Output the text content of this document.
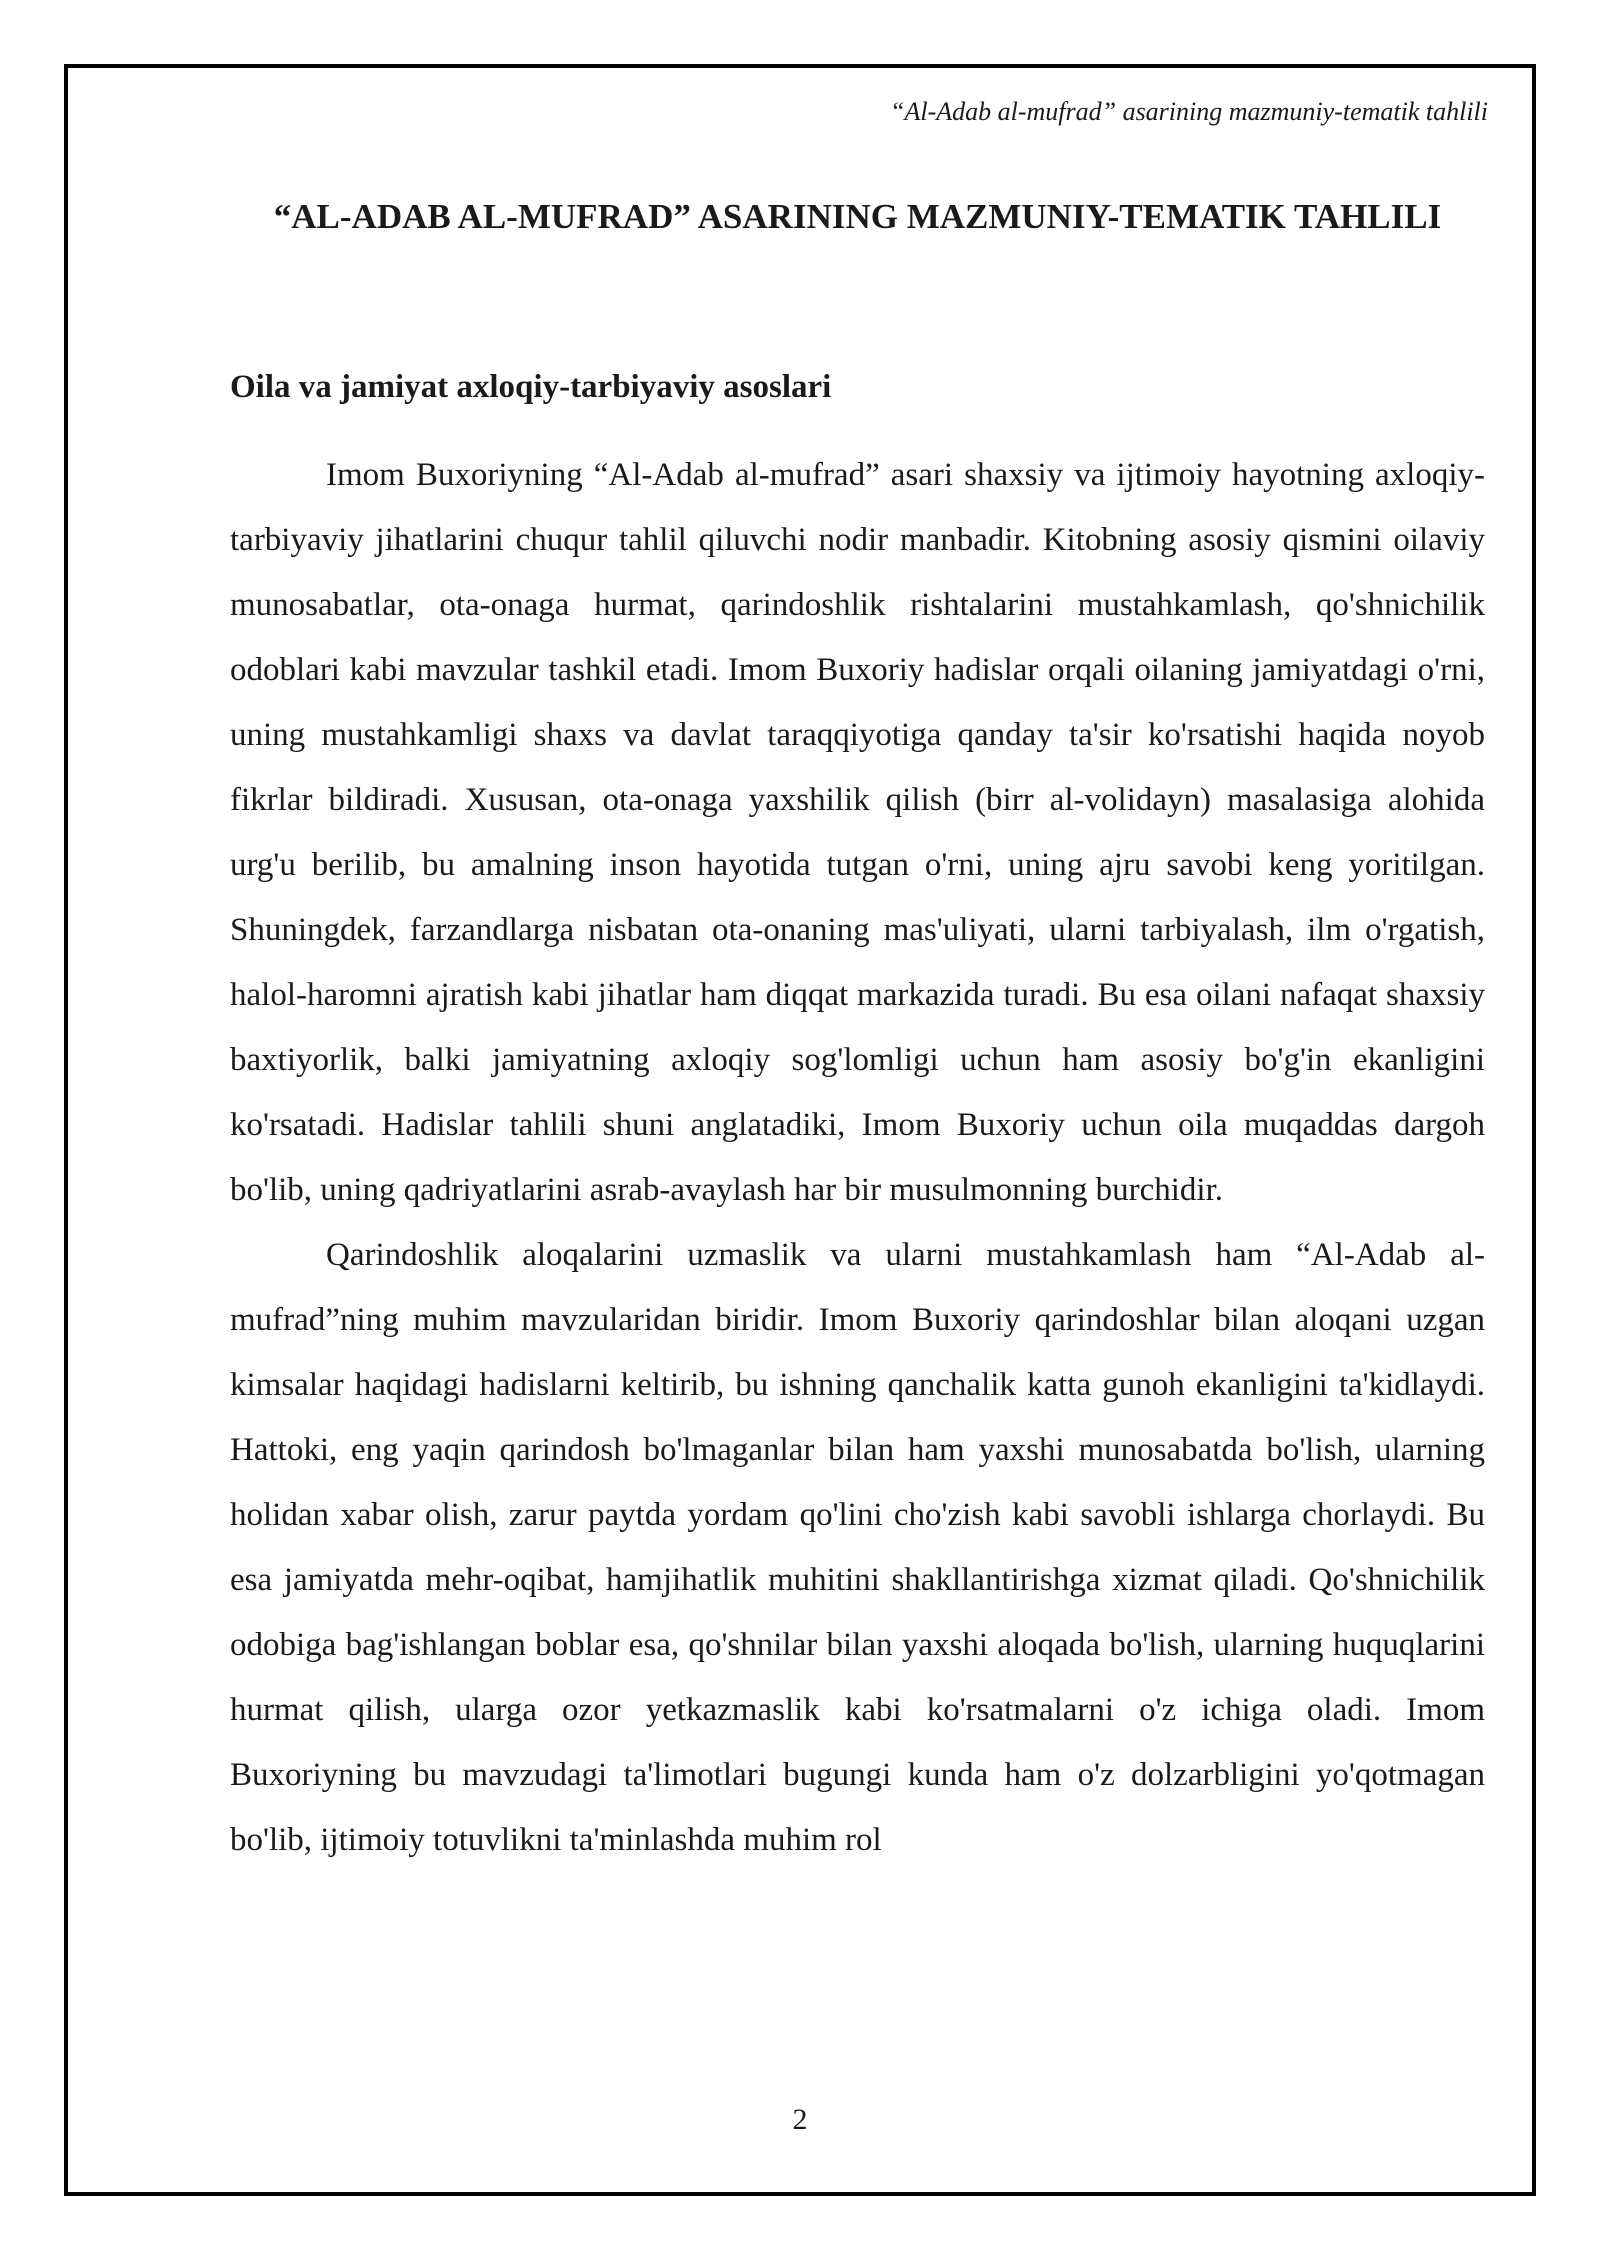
“Al-Adab al-mufrad” asarining mazmuniy-tematik tahlili
“AL-ADAB AL-MUFRAD” ASARINING MAZMUNIY-TEMATIK TAHLILI
Oila va jamiyat axloqiy-tarbiyaviy asoslari

Imom Buxoriyning “Al-Adab al-mufrad” asari shaxsiy va ijtimoiy hayotning axloqiy-tarbiyaviy jihatlarini chuqur tahlil qiluvchi nodir manbadir. Kitobning asosiy qismini oilaviy munosabatlar, ota-onaga hurmat, qarindoshlik rishtalarini mustahkamlash, qo'shnichilik odoblari kabi mavzular tashkil etadi. Imom Buxoriy hadislar orqali oilaning jamiyatdagi o'rni, uning mustahkamligi shaxs va davlat taraqqiyotiga qanday ta'sir ko'rsatishi haqida noyob fikrlar bildiradi. Xususan, ota-onaga yaxshilik qilish (birr al-volidayn) masalasiga alohida urg'u berilib, bu amalning inson hayotida tutgan o'rni, uning ajru savobi keng yoritilgan. Shuningdek, farzandlarga nisbatan ota-onaning mas'uliyati, ularni tarbiyalash, ilm o'rgatish, halol-haromni ajratish kabi jihatlar ham diqqat markazida turadi. Bu esa oilani nafaqat shaxsiy baxtiyorlik, balki jamiyatning axloqiy sog'lomligi uchun ham asosiy bo'g'in ekanligini ko'rsatadi. Hadislar tahlili shuni anglatadiki, Imom Buxoriy uchun oila muqaddas dargoh bo'lib, uning qadriyatlarini asrab-avaylash har bir musulmonning burchidir.

Qarindoshlik aloqalarini uzmaslik va ularni mustahkamlash ham “Al-Adab al-mufrad”ning muhim mavzularidan biridir. Imom Buxoriy qarindoshlar bilan aloqani uzgan kimsalar haqidagi hadislarni keltirib, bu ishning qanchalik katta gunoh ekanligini ta'kidlaydi. Hattoki, eng yaqin qarindosh bo'lmaganlar bilan ham yaxshi munosabatda bo'lish, ularning holidan xabar olish, zarur paytda yordam qo'lini cho'zish kabi savobli ishlarga chorlaydi. Bu esa jamiyatda mehr-oqibat, hamjihatlik muhitini shakllantirishga xizmat qiladi. Qo'shnichilik odobiga bag'ishlangan boblar esa, qo'shnilar bilan yaxshi aloqada bo'lish, ularning huquqlarini hurmat qilish, ularga ozor yetkazmaslik kabi ko'rsatmalarni o'z ichiga oladi. Imom Buxoriyning bu mavzudagi ta'limotlari bugungi kunda ham o'z dolzarbligini yo'qotmagan bo'lib, ijtimoiy totuvlikni ta'minlashda muhim rol

2
